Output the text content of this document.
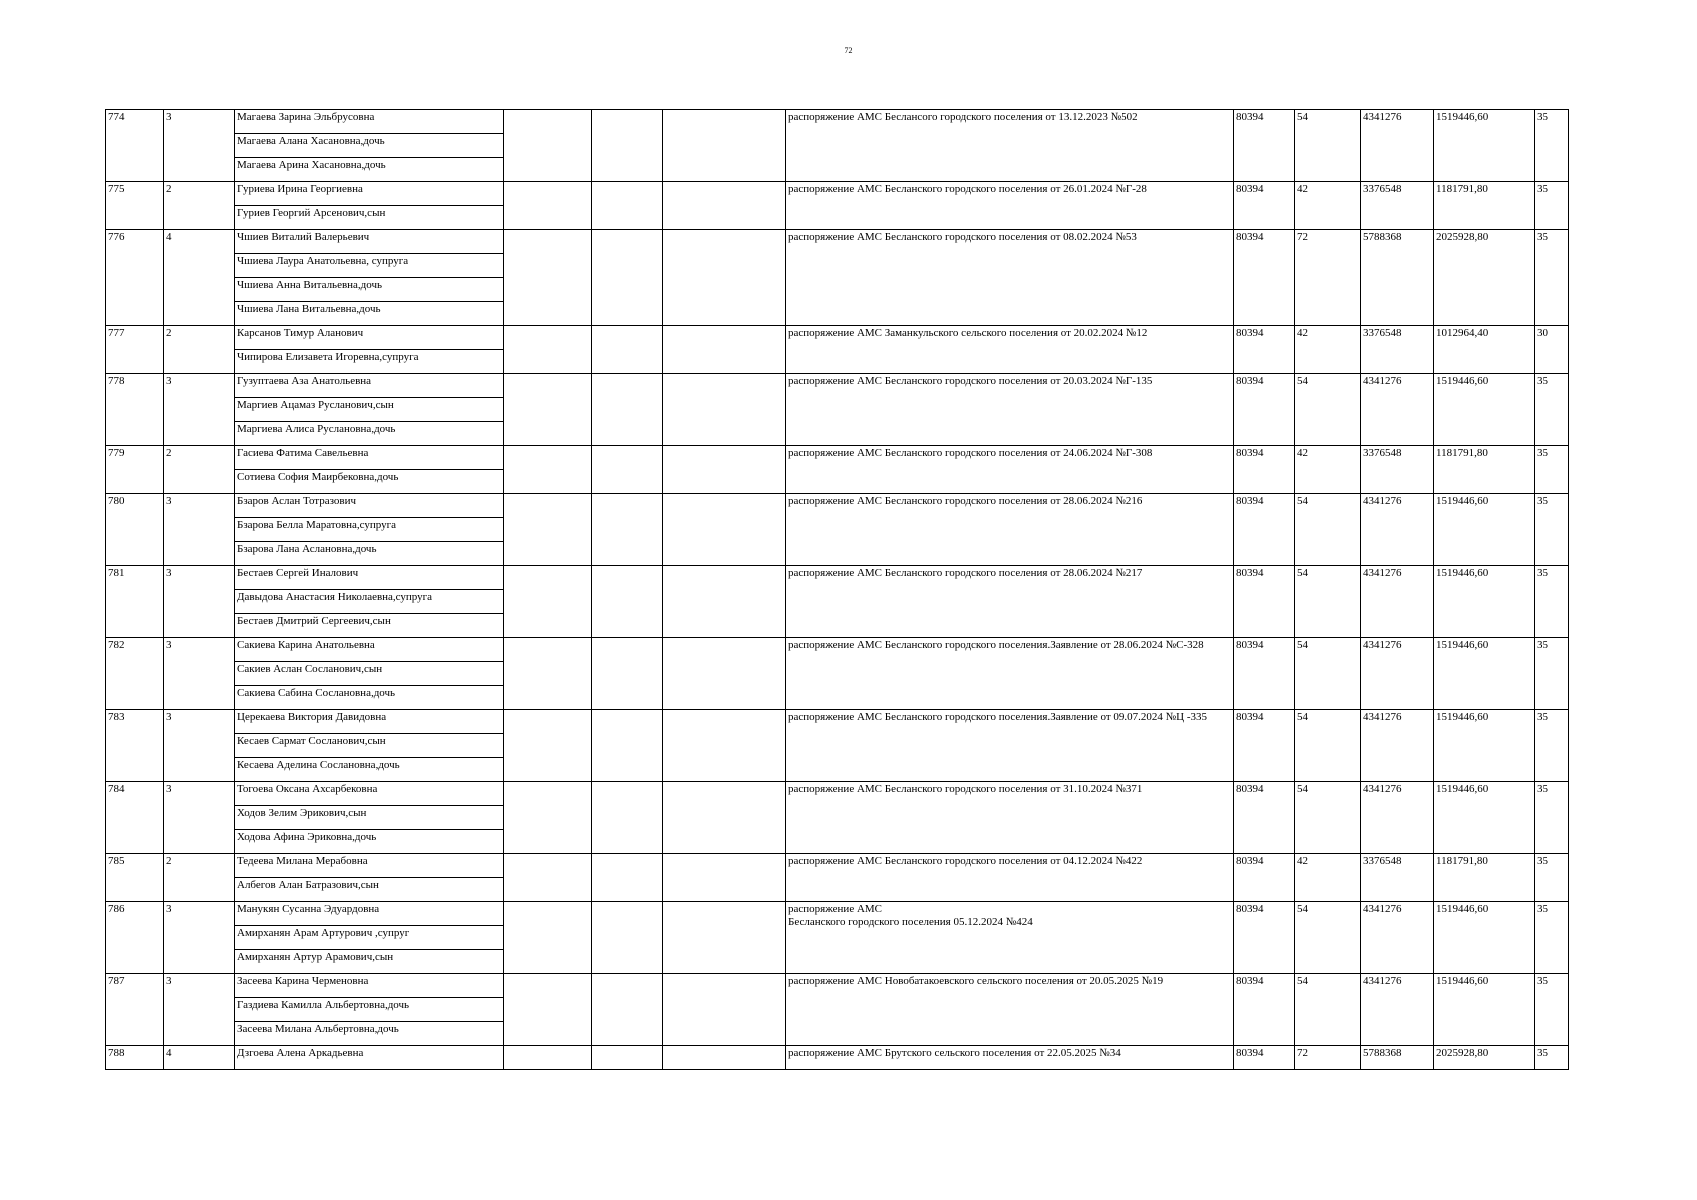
72
774	3	Магаева Зарина Эльбрусовна				распоряжение АМС Беслансого городского поселения от 13.12.2023 №502	80394	54	4341276	1519446,60	35
		Магаева Алана Хасановна,дочь									
		Магаева Арина Хасановна,дочь									
775	2	Гуриева Ирина Георгиевна				распоряжение АМС Бесланского городского поселения от 26.01.2024 №Г-28	80394	42	3376548	1181791,80	35
		Гуриев Георгий Арсенович,сын									
776	4	Чшиев Виталий Валерьевич				распоряжение АМС Бесланского городского поселения от 08.02.2024 №53	80394	72	5788368	2025928,80	35
		Чшиева Лаура Анатольевна, супруга									
		Чшиева Анна Витальевна,дочь									
		Чшиева Лана Витальевна,дочь									
777	2	Карсанов Тимур Аланович				распоряжение АМС Заманкульского сельского поселения от 20.02.2024 №12	80394	42	3376548	1012964,40	30
		Чипирова Елизавета Игоревна,супруга									
778	3	Гузуптаева Аза Анатольевна				распоряжение АМС Бесланского городского поселения от 20.03.2024 №Г-135	80394	54	4341276	1519446,60	35
		Маргиев Ацамаз Русланович,сын									
		Маргиева Алиса Руслановна,дочь									
779	2	Гасиева Фатима Савельевна				распоряжение АМС Бесланского городского поселения от 24.06.2024 №Г-308	80394	42	3376548	1181791,80	35
		Сотиева София Маирбековна,дочь									
780	3	Бзаров Аслан Тотразович				распоряжение АМС Бесланского городского поселения от 28.06.2024 №216	80394	54	4341276	1519446,60	35
		Бзарова Белла Маратовна,супруга									
		Бзарова Лана Аслановна,дочь									
781	3	Бестаев Сергей Иналович				распоряжение АМС Бесланского городского поселения от 28.06.2024 №217	80394	54	4341276	1519446,60	35
		Давыдова Анастасия Николаевна,супруга									
		Бестаев Дмитрий Сергеевич,сын									
782	3	Сакиева Карина Анатольевна				распоряжение АМС Бесланского городского поселения.Заявление от 28.06.2024 №С-328	80394	54	4341276	1519446,60	35
		Сакиев Аслан Сосланович,сын									
		Сакиева Сабина Сослановна,дочь									
783	3	Церекаева Виктория Давидовна				распоряжение АМС Бесланского городского поселения.Заявление от 09.07.2024 №Ц -335	80394	54	4341276	1519446,60	35
		Кесаев Сармат Сосланович,сын									
		Кесаева Аделина Сослановна,дочь									
784	3	Тогоева Оксана Ахсарбековна				распоряжение АМС Бесланского городского поселения от 31.10.2024 №371	80394	54	4341276	1519446,60	35
		Ходов Зелим Эрикович,сын									
		Ходова Афина Эриковна,дочь									
785	2	Тедеева Милана Мерабовна				распоряжение АМС Бесланского городского поселения от 04.12.2024 №422	80394	42	3376548	1181791,80	35
		Албегов Алан Батразович,сын									
786	3	Манукян Сусанна Эдуардовна				распоряжение АМС
Бесланского городского поселения 05.12.2024 №424	80394	54	4341276	1519446,60	35
		Амирханян Арам Артурович ,супруг									
		Амирханян Артур Арамович,сын									
787	3	Засеева Карина Черменовна				распоряжение АМС Новобатакоевского сельского поселения от 20.05.2025 №19	80394	54	4341276	1519446,60	35
		Газдиева Камилла Альбертовна,дочь									
		Засеева Милана Альбертовна,дочь									
788	4	Дзгоева Алена Аркадьевна				распоряжение АМС Брутского сельского поселения от 22.05.2025 №34	80394	72	5788368	2025928,80	35
